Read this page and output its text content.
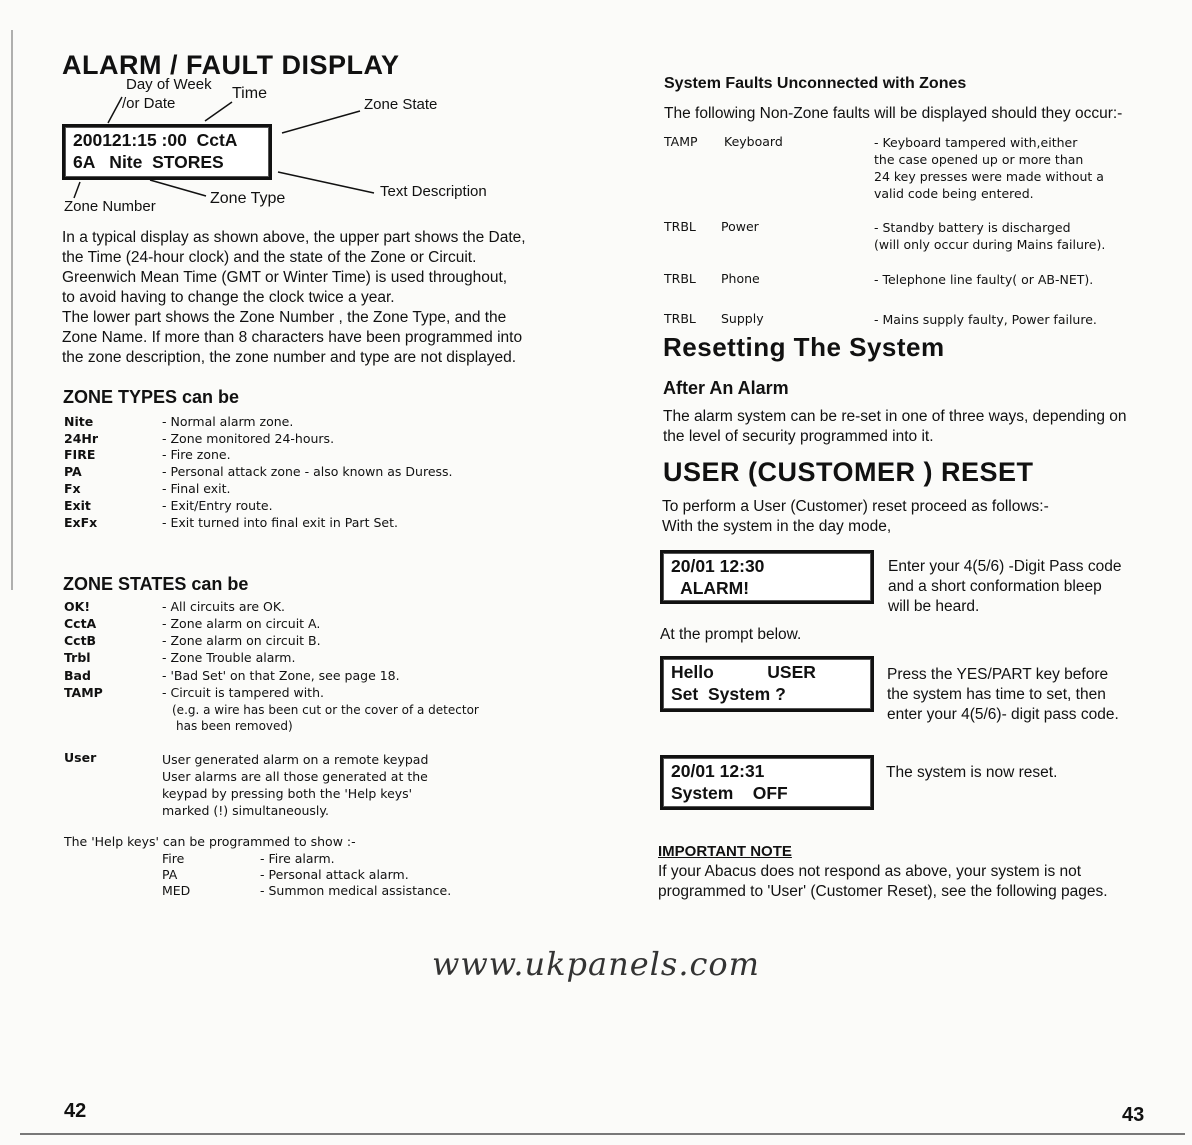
ALARM / FAULT DISPLAY
Day of Week
/or Date
Time
Zone State
200121:15 :00  CctA
6A   Nite  STORES
Zone Number	Zone Type	Text Description
In a typical display as shown above, the upper part shows the Date,
the Time (24-hour clock) and the state of the Zone or Circuit.
Greenwich Mean Time (GMT or Winter Time) is used throughout,
to avoid having to change the clock twice a year.
The lower part shows the Zone Number , the Zone Type, and the
Zone Name. If more than 8 characters have been programmed into
the zone description, the zone number and type are not displayed.
ZONE TYPES can be
Nite	- Normal alarm zone.
24Hr	- Zone monitored 24-hours.
FIRE	- Fire zone.
PA	- Personal attack zone - also known as Duress.
Fx	- Final exit.
Exit	- Exit/Entry route.
ExFx	- Exit turned into final exit in Part Set.
ZONE STATES can be
OK!	- All circuits are OK.
CctA	- Zone alarm on circuit A.
CctB	- Zone alarm on circuit B.
Trbl	- Zone Trouble alarm.
Bad	- 'Bad Set' on that Zone, see page 18.
TAMP	- Circuit is tampered with.
(e.g. a wire has been cut or the cover of a detector
has been removed)
User	User generated alarm on a remote keypad
User alarms are all those generated at the
keypad by pressing both the 'Help keys'
marked (!) simultaneously.
The 'Help keys' can be programmed to show :-
Fire	- Fire alarm.
PA	- Personal attack alarm.
MED	- Summon medical assistance.
42
System Faults Unconnected with Zones
The following Non-Zone faults will be displayed should they occur:-
TAMP Keyboard	- Keyboard tampered with,either
the case opened up or more than
24 key presses were made without a
valid code being entered.
TRBL Power	- Standby battery is discharged
(will only occur during Mains failure).
TRBL Phone	- Telephone line faulty( or AB-NET).
TRBL Supply	- Mains supply faulty, Power failure.
Resetting The System
After An Alarm
The alarm system can be re-set in one of three ways, depending on
the level of security programmed into it.
USER (CUSTOMER ) RESET
To perform a User (Customer) reset proceed as follows:-
With the system in the day mode,
20/01 12:30
ALARM!
Enter your 4(5/6) -Digit Pass code
and a short conformation bleep
will be heard.
At the prompt below.
Hello           USER
Set  System ?
Press the YES/PART key before
the system has time to set, then
enter your 4(5/6)- digit pass code.
20/01 12:31
System    OFF
The system is now reset.
IMPORTANT NOTE
If your Abacus does not respond as above, your system is not
programmed to 'User' (Customer Reset), see the following pages.
43
www.ukpanels.com
